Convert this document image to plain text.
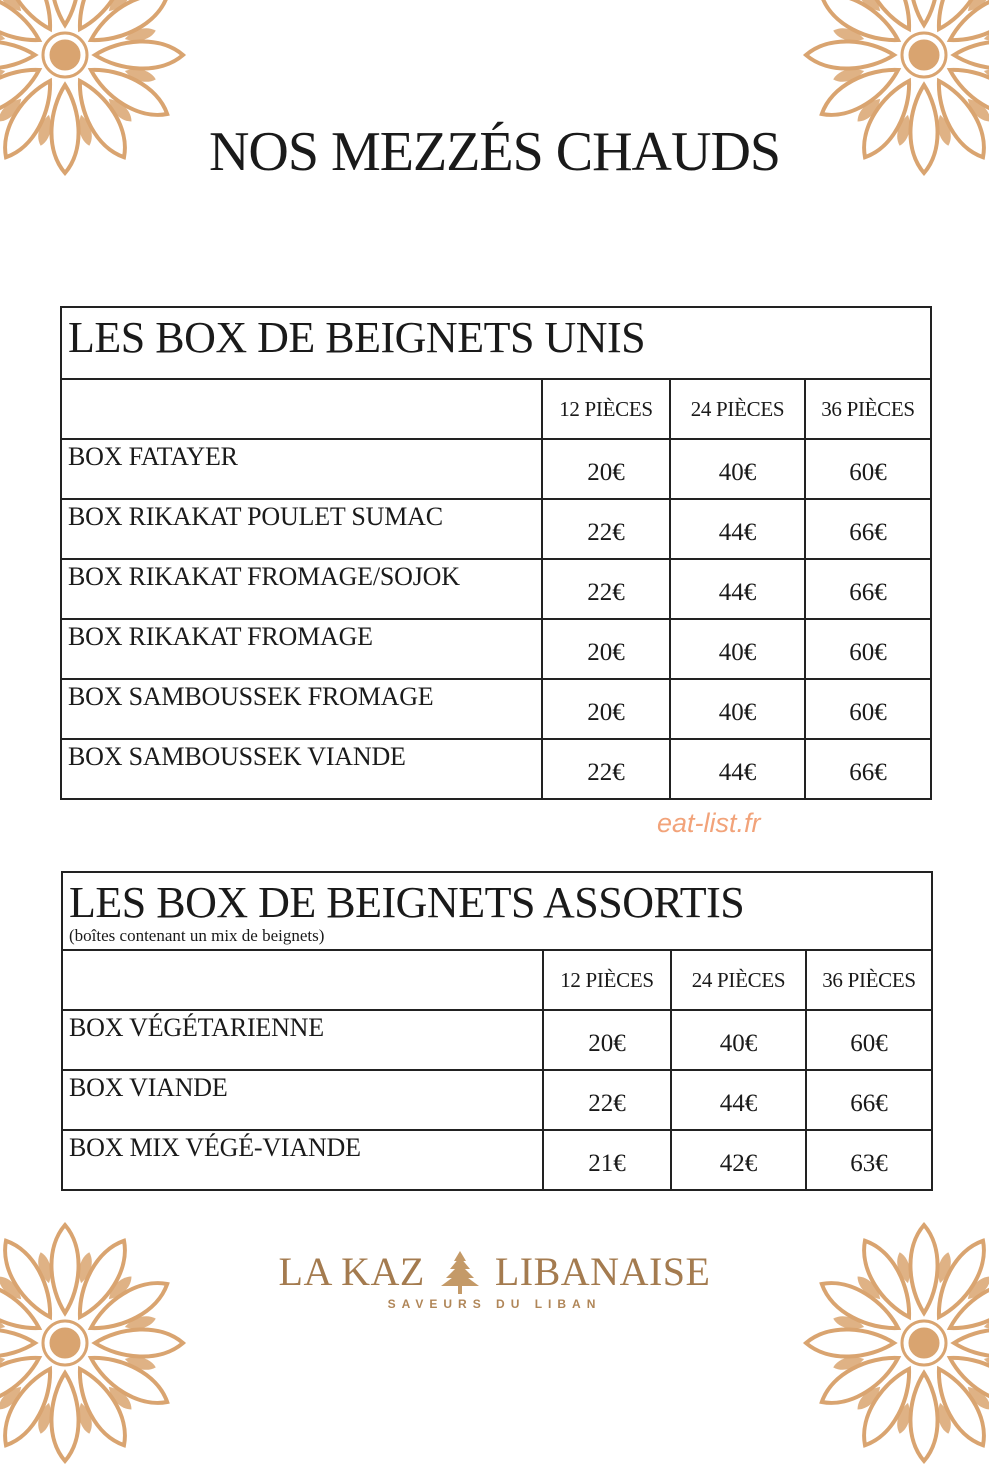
NOS MEZZÉS CHAUDS
LES BOX DE BEIGNETS UNIS			

	12 PIÈCES	24 PIÈCES	36 PIÈCES
BOX FATAYER	20€	40€	60€
BOX RIKAKAT POULET SUMAC	22€	44€	66€
BOX RIKAKAT FROMAGE/SOJOK	22€	44€	66€
BOX RIKAKAT FROMAGE	20€	40€	60€
BOX SAMBOUSSEK FROMAGE	20€	40€	60€
BOX SAMBOUSSEK VIANDE	22€	44€	66€
eat-list.fr
LES BOX DE BEIGNETS ASSORTIS
(boîtes contenant un mix de beignets)			

	12 PIÈCES	24 PIÈCES	36 PIÈCES
BOX VÉGÉTARIENNE	20€	40€	60€
BOX VIANDE	22€	44€	66€
BOX MIX VÉGÉ-VIANDE	21€	42€	63€
LA KAZ LIBANAISE
SAVEURS DU LIBAN
